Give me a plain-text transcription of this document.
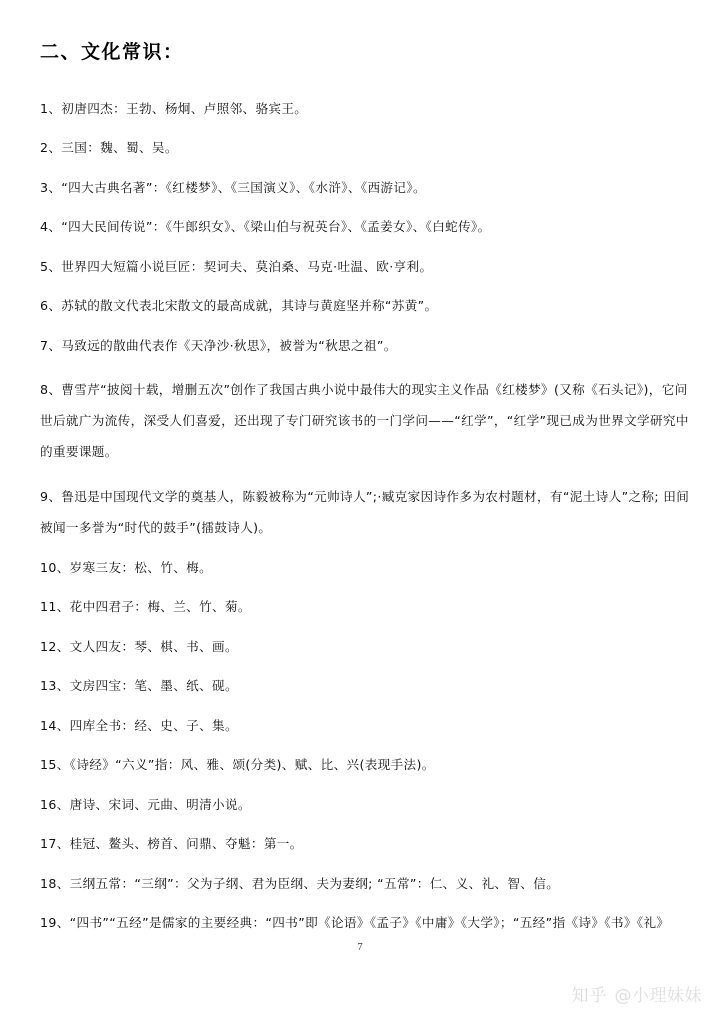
二、文化常识：

1、初唐四杰：王勃、杨炯、卢照邻、骆宾王。

2、三国：魏、蜀、吴。

3、“四大古典名著”：《红楼梦》、《三国演义》、《水浒》、《西游记》。

4、“四大民间传说”：《牛郎织女》、《梁山伯与祝英台》、《孟姜女》、《白蛇传》。

5、世界四大短篇小说巨匠：契诃夫、莫泊桑、马克·吐温、欧·亨利。

6、苏轼的散文代表北宋散文的最高成就，其诗与黄庭坚并称“苏黄”。

7、马致远的散曲代表作《天净沙·秋思》，被誉为“秋思之祖”。

8、曹雪芹“披阅十载，增删五次”创作了我国古典小说中最伟大的现实主义作品《红楼梦》(又称《石头记》)，它问世后就广为流传，深受人们喜爱，还出现了专门研究该书的一门学问——“红学”，“红学”现已成为世界文学研究中的重要课题。

9、鲁迅是中国现代文学的奠基人，陈毅被称为“元帅诗人”;·臧克家因诗作多为农村题材，有“泥土诗人”之称; 田间被闻一多誉为“时代的鼓手”(擂鼓诗人)。

10、岁寒三友：松、竹、梅。

11、花中四君子：梅、兰、竹、菊。

12、文人四友：琴、棋、书、画。

13、文房四宝：笔、墨、纸、砚。

14、四库全书：经、史、子、集。

15、《诗经》“六义”指：风、雅、颂(分类)、赋、比、兴(表现手法)。

16、唐诗、宋词、元曲、明清小说。

17、桂冠、鳌头、榜首、问鼎、夺魁：第一。

18、三纲五常：“三纲”：父为子纲、君为臣纲、夫为妻纲; “五常”：仁、义、礼、智、信。

19、“四书”“五经”是儒家的主要经典：“四书”即《论语》《孟子》《中庸》《大学》；“五经”指《诗》《书》《礼》

7
知乎 @小理妹妹
